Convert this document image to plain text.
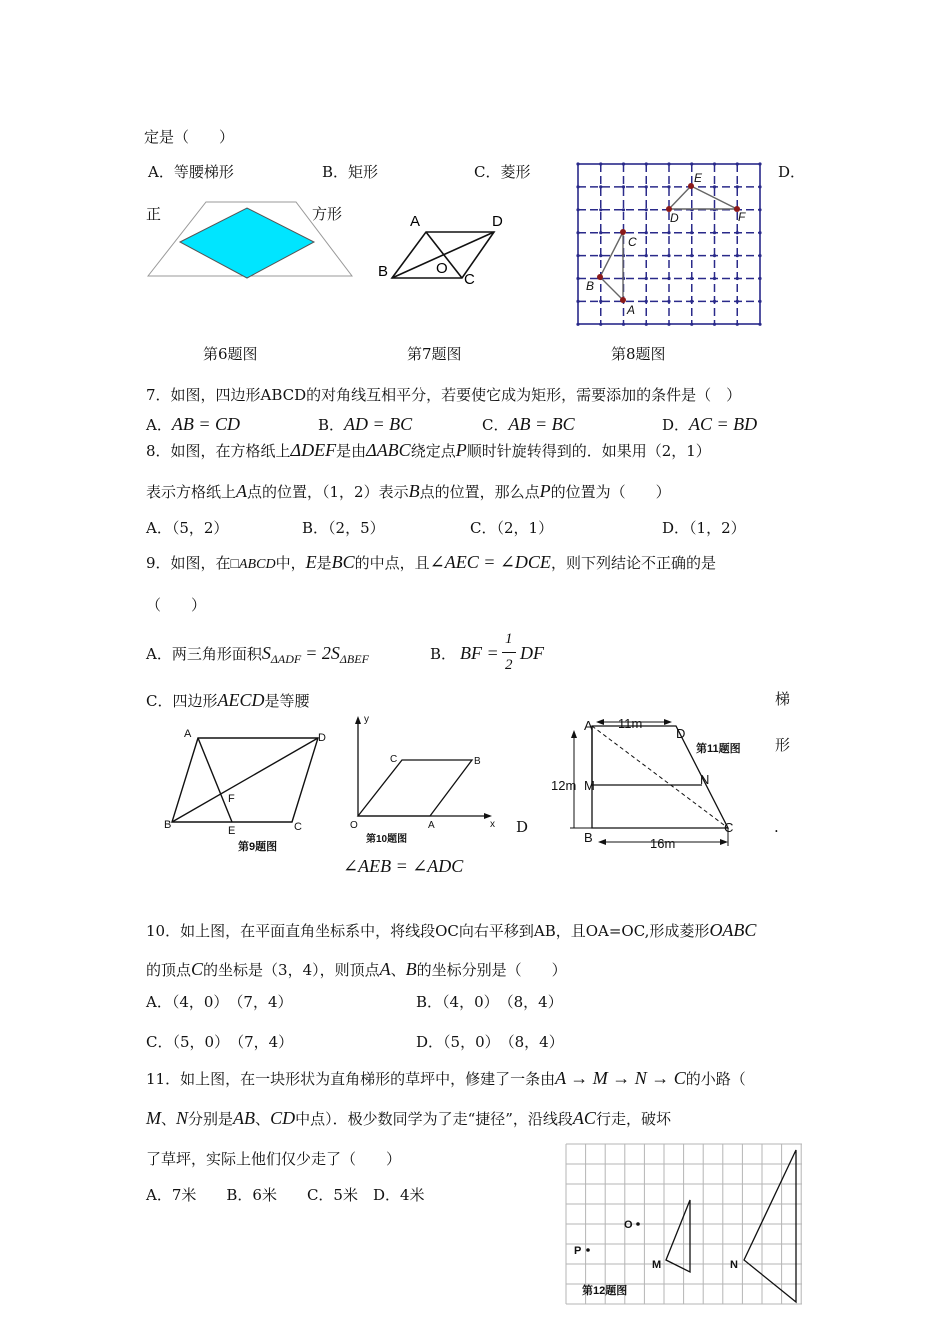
定是（　　）
A．等腰梯形	B．矩形	C．菱形	D．
正	方形	A	D
B	C
O
A
B
C
D
E
F
第6题图	第7题图	第8题图
7．如图，四边形ABCD的对角线互相平分，若要使它成为矩形，需要添加的条件是（　）
A．AB = CD	B．AD = BC	C．AB = BC	D．AC = BD
8．如图，在方格纸上ΔDEF是由ΔABC绕定点P顺时针旋转得到的．如果用（2，1）
表示方格纸上A点的位置，（1，2）表示B点的位置，那么点P的位置为（　　）
A．（5，2）	B．（2，5）	C．（2，1）	D．（1，2）
9．如图，在□ABCD中，E是BC的中点，且∠AEC = ∠DCE，则下列结论不正确的是
（　　）
A．两三角形面积$S_{\Delta ADF} = 2S_{\Delta BEF}$	B． BF =
1
2
DF
C．四边形AECD是等腰	梯
形
D	.
∠AEB = ∠ADC
A	D
B	E	C
F
第9题图
y
x
O	A
C	B
第10题图
A
D
M	N
B
C
11m
12m
16m
第11题图
10．如上图，在平面直角坐标系中，将线段OC向右平移到AB，且OA=OC,形成菱形OABC
的顶点C的坐标是（3，4），则顶点A、B的坐标分别是（　　）
A．（4，0）　（7，4）	B．（4，0）　（8，4）
C．（5，0）　（7，4）	D．（5，0）　（8，4）
11．如上图，在一块形状为直角梯形的草坪中，修建了一条由A → M → N → C的小路（
M、N分别是AB、CD中点）．极少数同学为了走“捷径”，沿线段AC行走，破坏
了草坪，实际上他们仅少走了（　　）
A．7米　　B．6米　　C．5米　D．4米
O
P
M	N
第12题图
